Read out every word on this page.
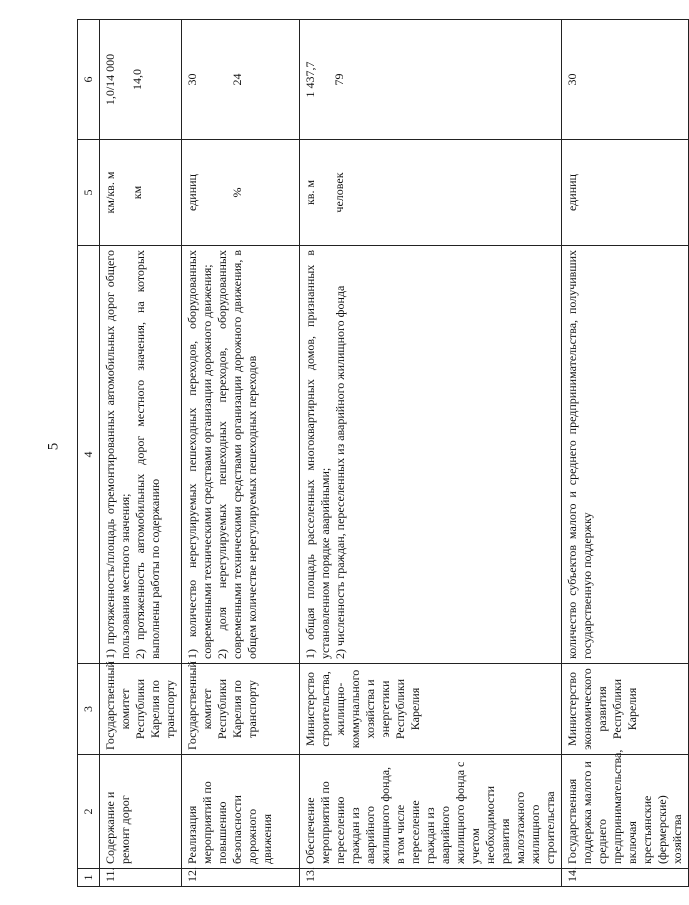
5
1	2	3	4	5	6
11.	Содержание и ремонт дорог	Государственный комитет Республики Карелия по транспорту	1) протяженность/площадь отремонтированных автомобильных дорог общего пользования местного значения; 2) протяженность автомобильных дорог местного значения, на которых выполнены работы по содержанию	км/кв. м км	1,0/14 000 14,0

12.	Реализация мероприятий по повышению безопасности дорожного движения	Государственный комитет Республики Карелия по транспорту	1) количество нерегулируемых пешеходных переходов, оборудованных современными техническими средствами организации дорожного движения; 2) доля нерегулируемых пешеходных переходов, оборудованных современными техническими средствами организации дорожного движения, в общем количестве нерегулируемых пешеходных переходов	единиц %	30 24

13.	Обеспечение мероприятий по переселению граждан из аварийного жилищного фонда, в том числе переселение граждан из аварийного жилищного фонда с учетом необходимости развития малоэтажного жилищного строительства	Министерство строительства, жилищно-коммунального хозяйства и энергетики Республики Карелия	1) общая площадь расселенных многоквартирных домов, признанных в установленном порядке аварийными; 2) численность граждан, переселенных из аварийного жилищного фонда	кв. м человек	1 437,7 79

14.	Государственная поддержка малого и среднего предпринимательства, включая крестьянские (фермерские) хозяйства	Министерство экономического развития Республики Карелия	количество субъектов малого и среднего предпринимательства, получивших государственную поддержку	единиц	30
